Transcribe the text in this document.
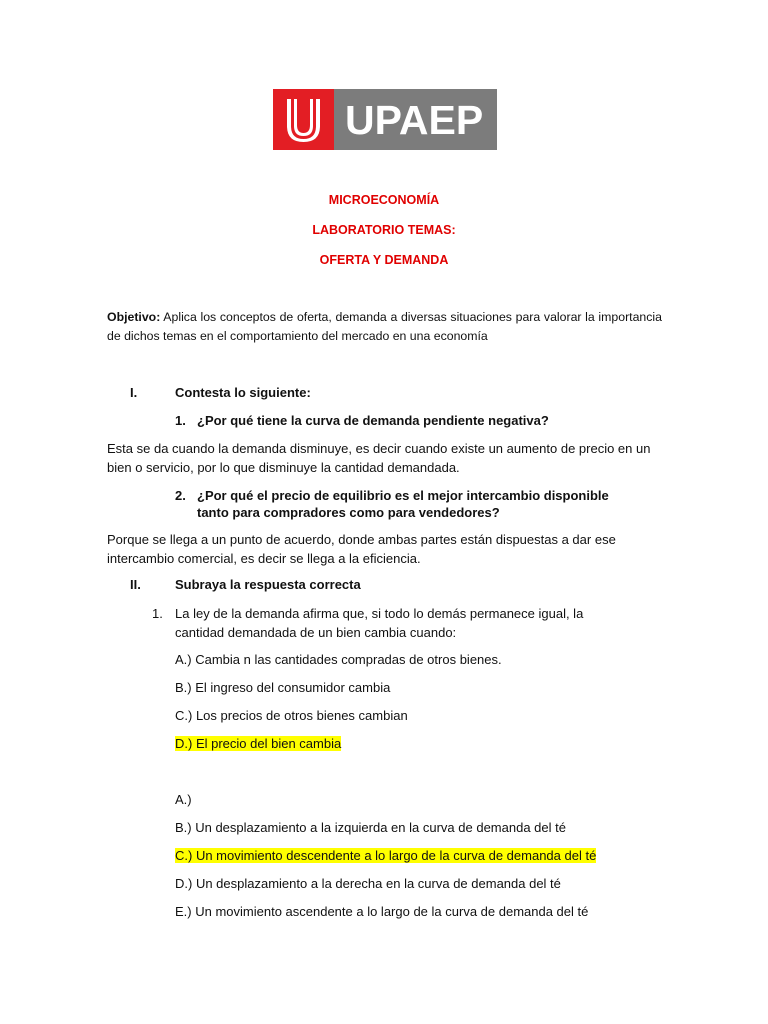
UPAEP
MICROECONOMÍA
LABORATORIO TEMAS:
OFERTA Y DEMANDA
Objetivo: Aplica los conceptos de oferta, demanda a diversas situaciones para valorar la importancia de dichos temas en el comportamiento del mercado en una economía
I.	Contesta lo siguiente:
1. ¿Por qué tiene la curva de demanda pendiente negativa?
Esta se da cuando la demanda disminuye, es decir cuando existe un aumento de precio en un bien o servicio, por lo que disminuye la cantidad demandada.
2. ¿Por qué el precio de equilibrio es el mejor intercambio disponible
tanto para compradores como para vendedores?
Porque se llega a un punto de acuerdo, donde ambas partes están dispuestas a dar ese intercambio comercial, es decir se llega a la eficiencia.
II.	Subraya la respuesta correcta
1. La ley de la demanda afirma que, si todo lo demás permanece igual, la
cantidad demandada de un bien cambia cuando:
A.) Cambia n las cantidades compradas de otros bienes.
B.) El ingreso del consumidor cambia
C.) Los precios de otros bienes cambian
D.) El precio del bien cambia
A.)
B.) Un desplazamiento a la izquierda en la curva de demanda del té
C.) Un movimiento descendente a lo largo de la curva de demanda del té
D.) Un desplazamiento a la derecha en la curva de demanda del té
E.) Un movimiento ascendente a lo largo de la curva de demanda del té
